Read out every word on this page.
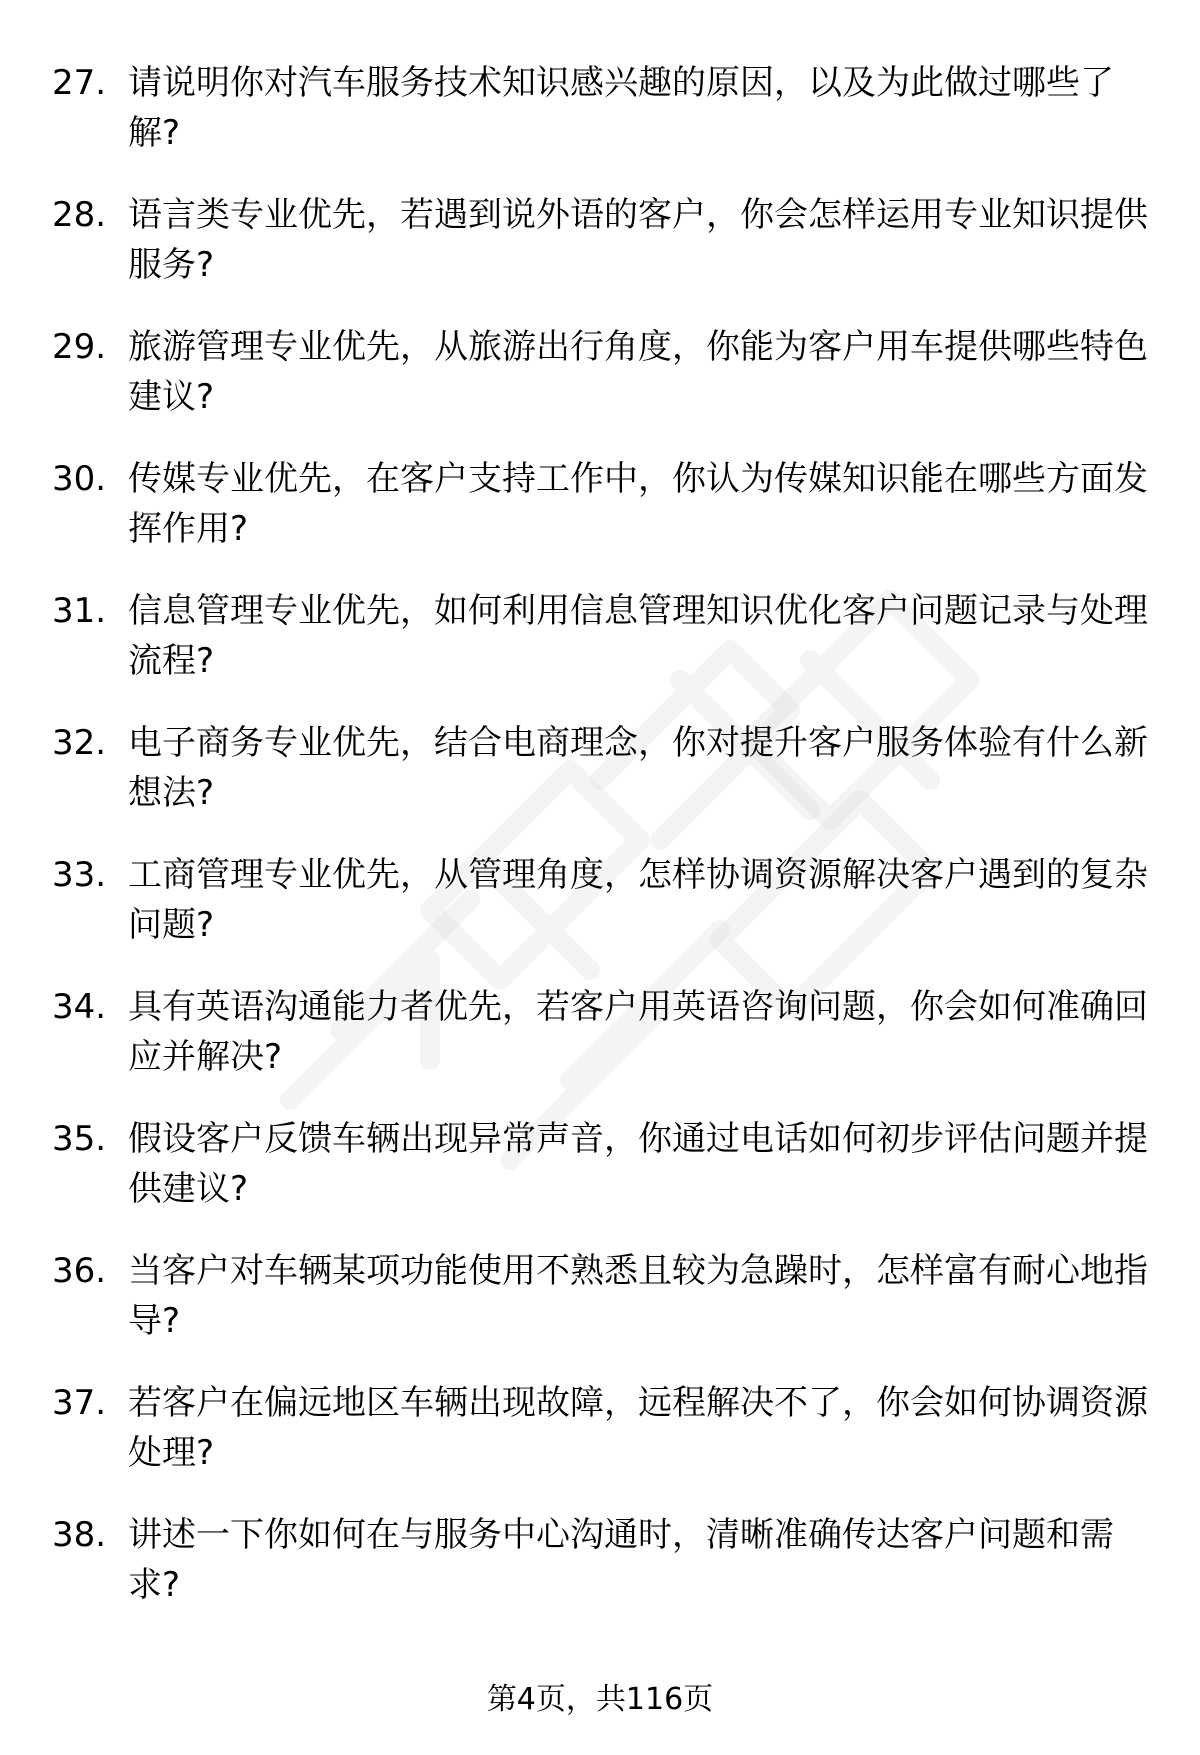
27. 请说明你对汽车服务技术知识感兴趣的原因，以及为此做过哪些了解?
28. 语言类专业优先，若遇到说外语的客户，你会怎样运用专业知识提供服务?
29. 旅游管理专业优先，从旅游出行角度，你能为客户用车提供哪些特色建议?
30. 传媒专业优先，在客户支持工作中，你认为传媒知识能在哪些方面发挥作用?
31. 信息管理专业优先，如何利用信息管理知识优化客户问题记录与处理流程?
32. 电子商务专业优先，结合电商理念，你对提升客户服务体验有什么新想法?
33. 工商管理专业优先，从管理角度，怎样协调资源解决客户遇到的复杂问题?
34. 具有英语沟通能力者优先，若客户用英语咨询问题，你会如何准确回应并解决?
35. 假设客户反馈车辆出现异常声音，你通过电话如何初步评估问题并提供建议?
36. 当客户对车辆某项功能使用不熟悉且较为急躁时，怎样富有耐心地指导?
37. 若客户在偏远地区车辆出现故障，远程解决不了，你会如何协调资源处理?
38. 讲述一下你如何在与服务中心沟通时，清晰准确传达客户问题和需求?
第4页，共116页
